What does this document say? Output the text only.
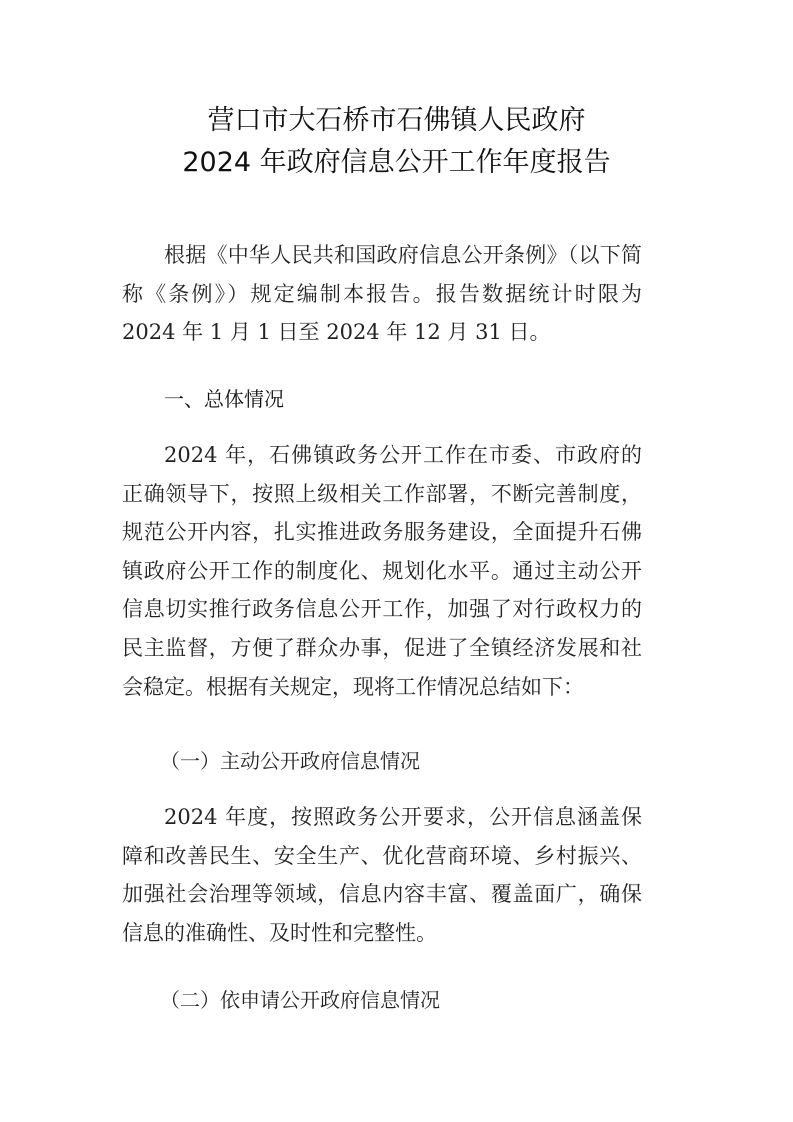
营口市大石桥市石佛镇人民政府
2024 年政府信息公开工作年度报告

根据《中华人民共和国政府信息公开条例》（以下简称《条例》）规定编制本报告。报告数据统计时限为 2024 年 1 月 1 日至 2024 年 12 月 31 日。

一、总体情况

2024 年，石佛镇政务公开工作在市委、市政府的正确领导下，按照上级相关工作部署，不断完善制度，规范公开内容，扎实推进政务服务建设，全面提升石佛镇政府公开工作的制度化、规划化水平。通过主动公开信息切实推行政务信息公开工作，加强了对行政权力的民主监督，方便了群众办事，促进了全镇经济发展和社会稳定。根据有关规定，现将工作情况总结如下：

（一）主动公开政府信息情况

2024 年度，按照政务公开要求，公开信息涵盖保障和改善民生、安全生产、优化营商环境、乡村振兴、加强社会治理等领域，信息内容丰富、覆盖面广，确保信息的准确性、及时性和完整性。

（二）依申请公开政府信息情况
